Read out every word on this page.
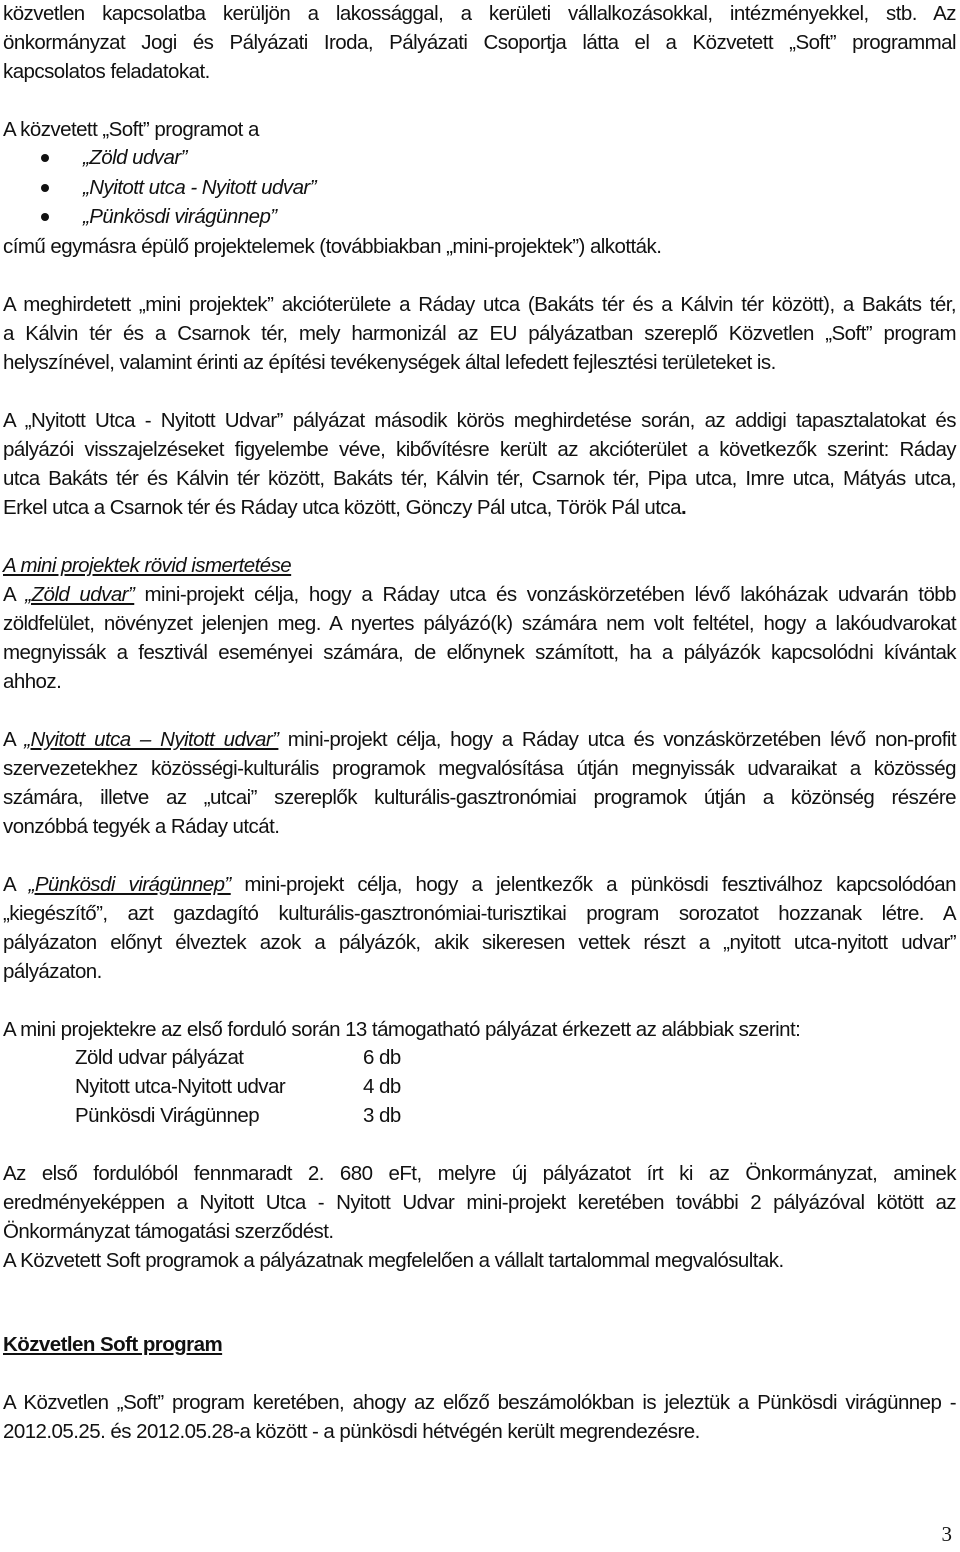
közvetlen kapcsolatba kerüljön a lakossággal, a kerületi vállalkozásokkal, intézményekkel, stb. Az
önkormányzat Jogi és Pályázati Iroda, Pályázati Csoportja látta el a Közvetett „Soft” programmal
kapcsolatos feladatokat.
A közvetett „Soft” programot a
„Zöld udvar”
„Nyitott utca - Nyitott udvar”
„Pünkösdi virágünnep”
című egymásra épülő projektelemek (továbbiakban „mini-projektek”) alkották.
A meghirdetett „mini projektek” akcióterülete a Ráday utca (Bakáts tér és a Kálvin tér között), a Bakáts tér,
a Kálvin tér és a Csarnok tér, mely harmonizál az EU pályázatban szereplő Közvetlen „Soft” program
helyszínével, valamint érinti az építési tevékenységek által lefedett fejlesztési területeket is.
A „Nyitott Utca - Nyitott Udvar” pályázat második körös meghirdetése során, az addigi tapasztalatokat és
pályázói visszajelzéseket figyelembe véve, kibővítésre került az akcióterület a következők szerint: Ráday
utca Bakáts tér és Kálvin tér között, Bakáts tér, Kálvin tér, Csarnok tér, Pipa utca, Imre utca, Mátyás utca,
Erkel utca a Csarnok tér és Ráday utca között, Gönczy Pál utca, Török Pál utca.
A mini projektek rövid ismertetése
A „Zöld udvar” mini-projekt célja, hogy a Ráday utca és vonzáskörzetében lévő lakóházak udvarán több
zöldfelület, növényzet jelenjen meg. A nyertes pályázó(k) számára nem volt feltétel, hogy a lakóudvarokat
megnyissák a fesztivál eseményei számára, de előnynek számított, ha a pályázók kapcsolódni kívántak
ahhoz.
A „Nyitott utca – Nyitott udvar” mini-projekt célja, hogy a Ráday utca és vonzáskörzetében lévő non-profit
szervezetekhez közösségi-kulturális programok megvalósítása útján megnyissák udvaraikat a közösség
számára, illetve az „utcai” szereplők kulturális-gasztronómiai programok útján a közönség részére
vonzóbbá tegyék a Ráday utcát.
A „Pünkösdi virágünnep” mini-projekt célja, hogy a jelentkezők a pünkösdi fesztiválhoz kapcsolódóan
„kiegészítő”, azt gazdagító kulturális-gasztronómiai-turisztikai program sorozatot hozzanak létre. A
pályázaton előnyt élveztek azok a pályázók, akik sikeresen vettek részt a „nyitott utca-nyitott udvar”
pályázaton.
A mini projektekre az első forduló során 13 támogatható pályázat érkezett az alábbiak szerint:
Zöld udvar pályázat	6 db
Nyitott utca-Nyitott udvar	4 db
Pünkösdi Virágünnep	3 db
Az első fordulóból fennmaradt 2. 680 eFt, melyre új pályázatot írt ki az Önkormányzat, aminek
eredményeképpen a Nyitott Utca - Nyitott Udvar mini-projekt keretében további 2 pályázóval kötött az
Önkormányzat támogatási szerződést.
A Közvetett Soft programok a pályázatnak megfelelően a vállalt tartalommal megvalósultak.
Közvetlen Soft program
A Közvetlen „Soft” program keretében, ahogy az előző beszámolókban is jeleztük a Pünkösdi virágünnep -
2012.05.25. és 2012.05.28-a között - a pünkösdi hétvégén került megrendezésre.
3
